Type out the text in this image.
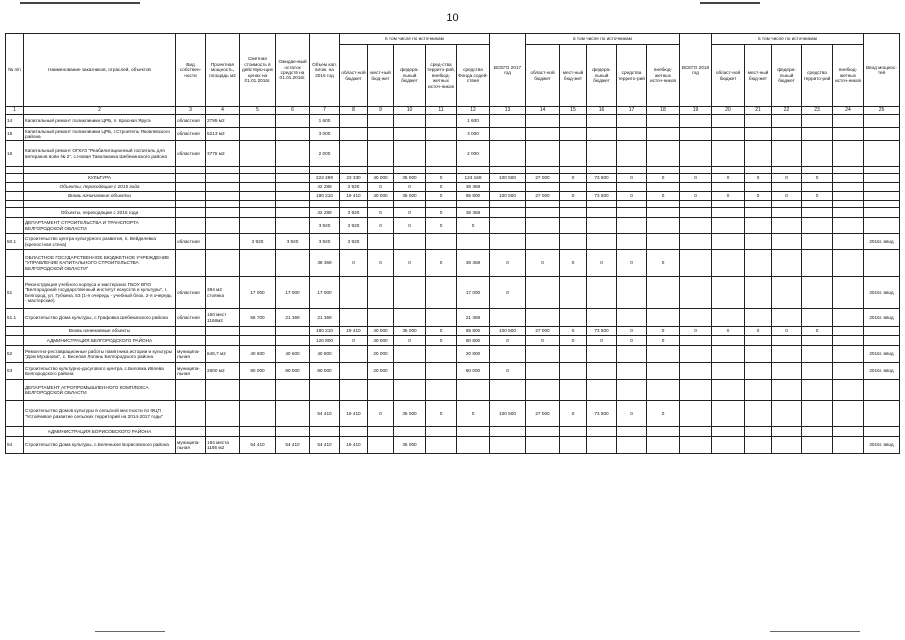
10
№ п/п	Наименование заказчиков, отраслей, объектов	Вид собствен-ности	Проектная мощность, площадь м2	Сметная стоимость в действую-щих ценах на 01.01.2016г.	Ожидае-мый остаток средств на 01.01.2016г.	Объем кап. влож. на 2016 год	в том числе по источникам					ВСЕГО 2017 год	в том числе по источникам					ВСЕГО 2018 год	в том числе по источникам					Ввод мощнос-тей
							област-ной бюджет	мест-ный бюд-жет	федера-льный бюджет	сред-ства террито-рий, внебюд-жетных источ-ников	средства Фонда содей-ствия		област-ной бюджет	мест-ный бюд-жет	федера-льный бюджет	средства террито-рий	внебюд-жетных источ-ников		област-ной бюджет	мест-ный бюд-жет	федера-льный бюджет	средства террито-рий	внебюд-жетных источ-ников	
1	2	3	4	5	6	7	8	9	10	11	12	13	14	15	16	17	18	19	20	21	22	23	24	25
14	Капитальный ремонт поликлиники ЦРБ, п. Красная Яруга	областная	2795 м2			1 600					1 600													
15	Капитальный ремонт поликлиники ЦРБ, г.Строитель Яковлевского района	областная	5213 м2			3 000					3 000													
16	Капитальный ремонт ОГКУЗ "Реабилитационный госпиталь для ветеранов войн № 2", с.Новая Таволжанка Шебекинского района	областная	3775 м2			2 000					2 000													

	КУЛЬТУРА					222 499	23 330	40 000	35 000	0	124 169	100 500	27 000	0	73 500	0	0	0	0	0	0	0		
	Объекты, переходящие с 2015 года					42 289	3 920	0	0	0	38 369													
	Вновь начинаемые объекты					180 210	19 410	40 000	35 000	0	85 800	100 500	27 000	0	73 500	0	0	0	0	0	0	0		

	Объекты, переходящие с 2015 года					42 289	3 920	0	0	0	38 369													
	ДЕПАРТАМЕНТ СТРОИТЕЛЬСТВА И ТРАНСПОРТА БЕЛГОРОДСКОЙ ОБЛАСТИ					3 920	3 920	0	0	0	0													
50.1	Строительство центра культурного развития, п. Вейделевка (крепостная стена)	областная		3 920	3 920	3 920	3 920																	2016г. ввод
	ОБЛАСТНОЕ ГОСУДАРСТВЕННОЕ БЮДЖЕТНОЕ УЧРЕЖДЕНИЕ "УПРАВЛЕНИЕ КАПИТАЛЬНОГО СТРОИТЕЛЬСТВА БЕЛГОРОДСКОЙ ОБЛАСТИ"					38 369	0	0	0	0	38 369	0	0	0	0	0	0							
51	Реконструкция учебного корпуса и мастерских ГБОУ ВПО "Белгородский государственный институт искусств и культуры", г. Белгород, ул. Губкина, 53 (1-я очередь - учебный блок, 2-я очередь - мастерские)	областная	384 м2 стоянка	17 000	17 000	17 000					17 000	0												2016г. ввод
51.1	Строительство Дома культуры, с.Графовка Шебекинского района	областная	150 мест 1168м2	55 700	21 369	21 369					21 369													2016г. ввод
	Вновь начинаемые объекты					180 210	19 410	40 000	35 000	0	85 800	100 500	27 000	0	73 500	0	0	0	0	0	0	0		
	АДМИНИСТРАЦИЯ БЕЛГОРОДСКОГО РАЙОНА					120 800	0	40 000	0	0	80 800	0	0	0	0	0	0							
52	Ремонтно-реставрационные работы памятника истории и культуры "Дом Муханова", с. Веселая Лопань Белгородского района	муниципа-льная	646,7 м2	40 600	40 600	40 800		20 000			20 800													2016г. ввод
53	Строительство культурно-досугового центра, с.Беловка Ивлева Белгородского района	муниципа-льная	2600 м2	80 000	80 000	80 000		20 000			60 000	0												2016г. ввод
	ДЕПАРТАМЕНТ АГРОПРОМЫШЛЕННОГО КОМПЛЕКСА БЕЛГОРОДСКОЙ ОБЛАСТИ																							
	Строительство Домов культуры в сельской местности по ФЦП "Устойчивое развитие сельских территорий на 2014-2017 годы"					54 410	19 410	0	35 000	0	0	100 500	27 000	0	73 500	0	0							
	АДМИНИСТРАЦИЯ БОРИСОВСКОГО РАЙОНА																							
54	Строительство Дома культуры, с.Беленькое Борисовского района	муниципа-льная	194 места 1186 м2	54 410	54 410	54 410	19 410		35 000															2016г. ввод
